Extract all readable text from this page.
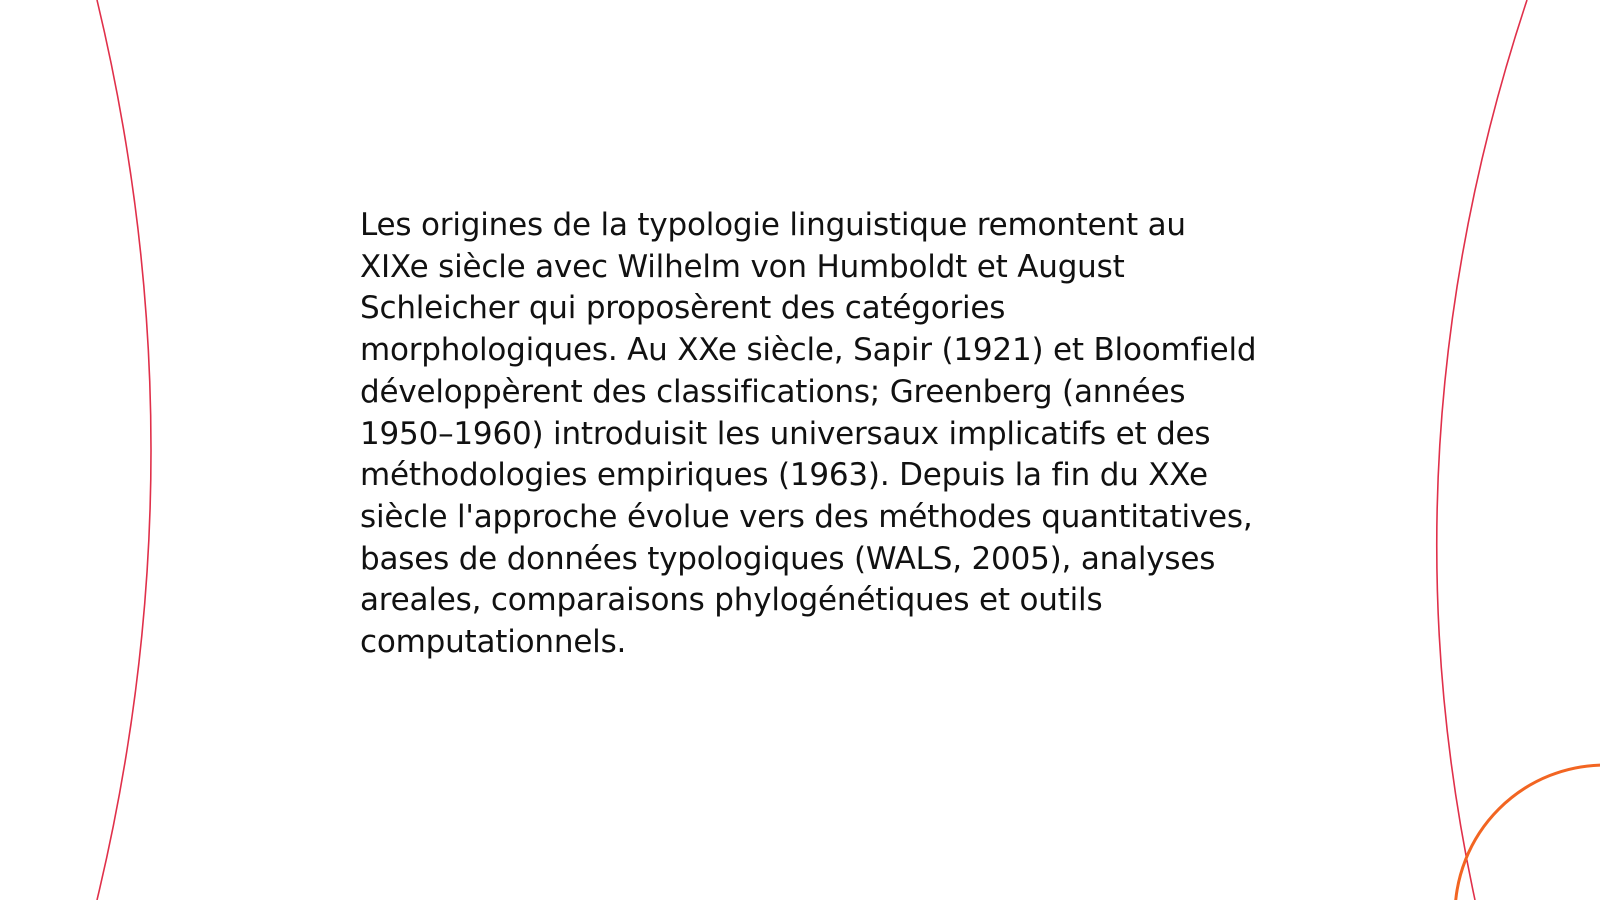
Les origines de la typologie linguistique remontent au XIXe siècle avec Wilhelm von Humboldt et August Schleicher qui proposèrent des catégories morphologiques. Au XXe siècle, Sapir (1921) et Bloomfield développèrent des classifications; Greenberg (années 1950–1960) introduisit les universaux implicatifs et des méthodologies empiriques (1963). Depuis la fin du XXe siècle l'approche évolue vers des méthodes quantitatives, bases de données typologiques (WALS, 2005), analyses areales, comparaisons phylogénétiques et outils computationnels.
